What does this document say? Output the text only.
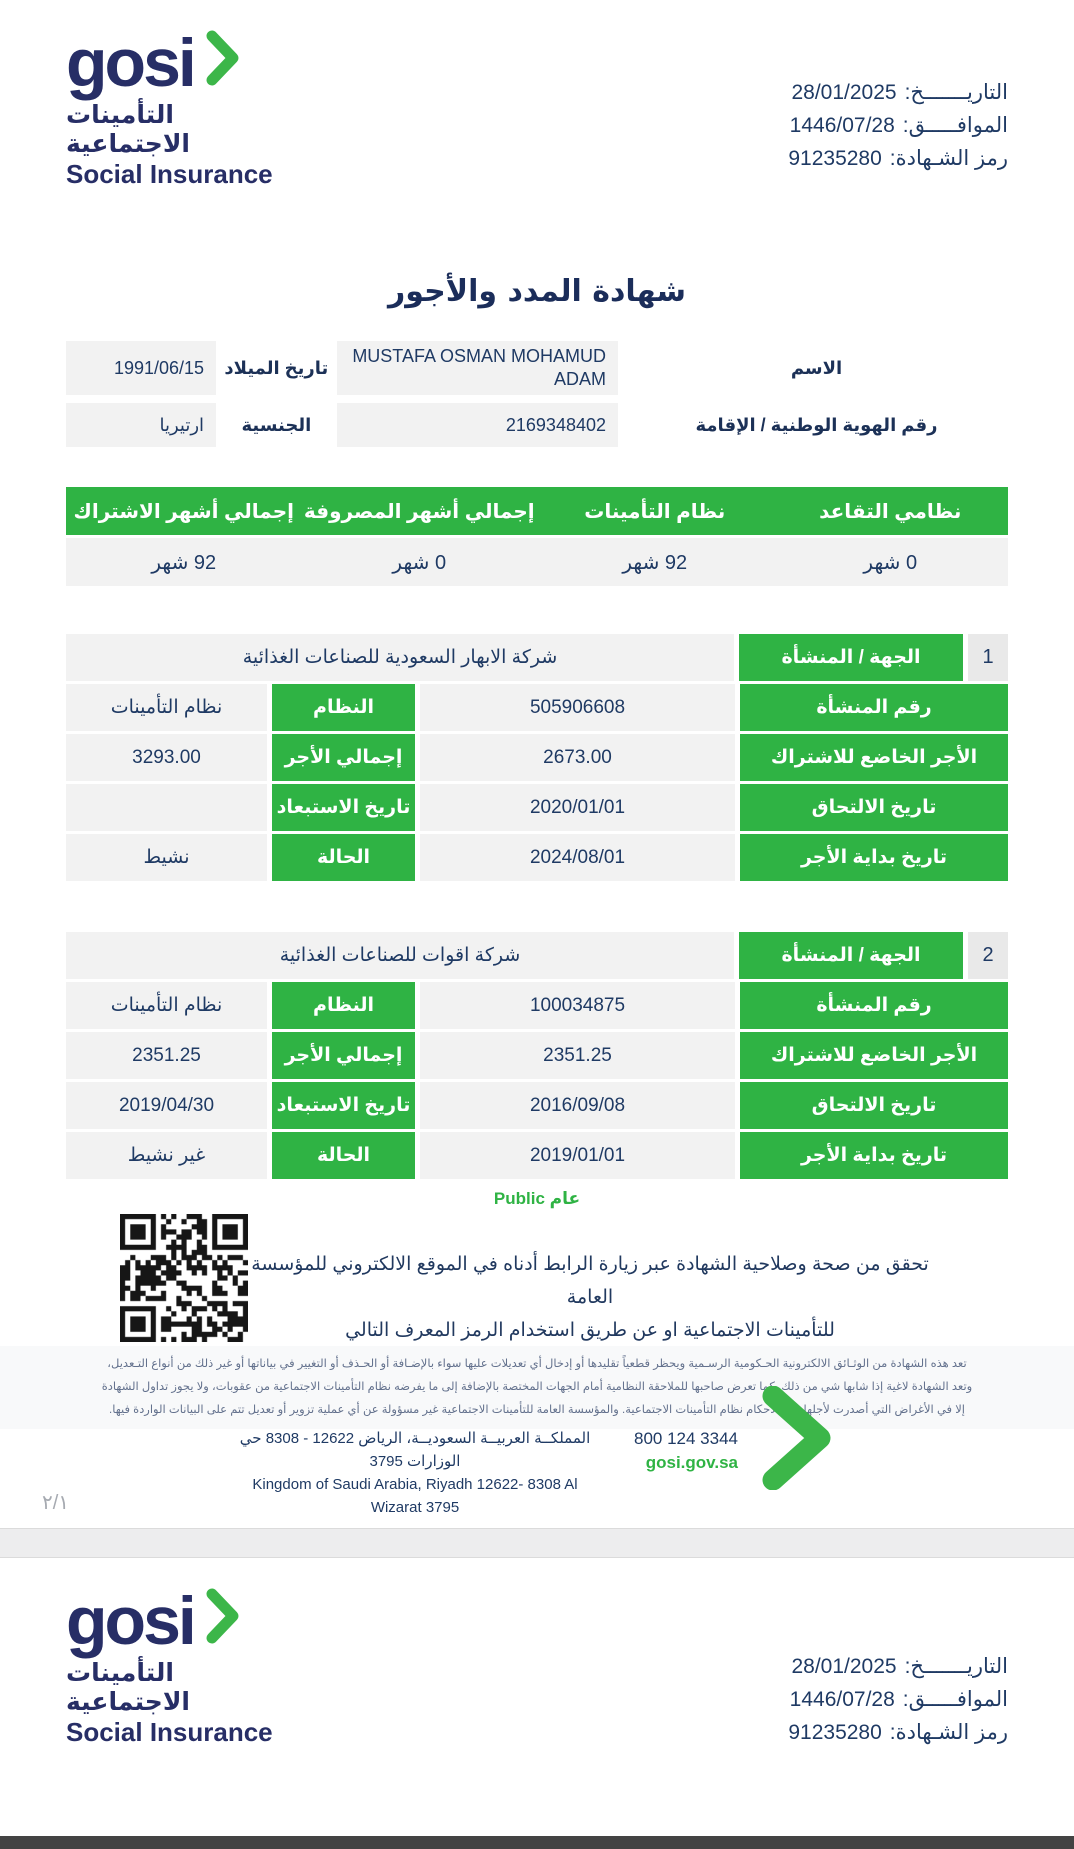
gosi
التأمينات الاجتماعية
Social Insurance
التاريـــــــخ:
28/01/2025
الموافـــــق:
1446/07/28
رمز الشـهادة:
91235280
شهادة المدد والأجور
الاسم
MUSTAFA OSMAN MOHAMUD ADAM
تاريخ الميلاد
1991/06/15
رقم الهوية الوطنية / الإقامة
2169348402
الجنسية
ارتيريا
نظامي التقاعد
نظام التأمينات
إجمالي أشهر المصروفة
إجمالي أشهر الاشتراك
0 شهر
92 شهر
0 شهر
92 شهر
1
الجهة / المنشأة
شركة الابهار السعودية للصناعات الغذائية
رقم المنشأة
505906608
النظام
نظام التأمينات
الأجر الخاضع للاشتراك
2673.00
إجمالي الأجر
3293.00
تاريخ الالتحاق
2020/01/01
تاريخ الاستبعاد
تاريخ بداية الأجر
2024/08/01
الحالة
نشيط
2
الجهة / المنشأة
شركة اقوات للصناعات الغذائية
رقم المنشأة
100034875
النظام
نظام التأمينات
الأجر الخاضع للاشتراك
2351.25
إجمالي الأجر
2351.25
تاريخ الالتحاق
2016/09/08
تاريخ الاستبعاد
2019/04/30
تاريخ بداية الأجر
2019/01/01
الحالة
غير نشيط
عام Public
تحقق من صحة وصلاحية الشهادة عبر زيارة الرابط أدناه في الموقع الالكتروني للمؤسسة العامة
للتأمينات الاجتماعية او عن طريق استخدام الرمز المعرف التالي
تعد هذه الشهادة من الوثـائق الالكترونية الحـكومية الرسـمية ويحظر قطعياً تقليدها أو إدخال أي تعديلات عليها سواء بالإضـافة أو الحـذف أو التغيير في بياناتها أو غير ذلك من أنواع التـعديل،
وتعد الشهادة لاغية إذا شابها شي من ذلك. كما تعرض صاحبها للملاحقة النظامية أمام الجهات المختصة بالإضافة إلى ما يفرضه نظام التأمينات الاجتماعية من عقوبات، ولا يجوز تداول الشهادة
إلا في الأغراض التي أصدرت لأجلها وفقاً لأحكام نظام التأمينات الاجتماعية. والمؤسسة العامة للتأمينات الاجتماعية غير مسؤولة عن أي عملية تزوير أو تعديل تتم على البيانات الواردة فيها.
800 124 3344
gosi.gov.sa
المملكــة العربيــة السعوديــة، الرياض 12622 - 8308 حي الوزارات 3795
Kingdom of Saudi Arabia, Riyadh 12622- 8308 Al Wizarat 3795
٢/١
gosi
التأمينات الاجتماعية
Social Insurance
التاريـــــــخ:
28/01/2025
الموافـــــق:
1446/07/28
رمز الشـهادة:
91235280
